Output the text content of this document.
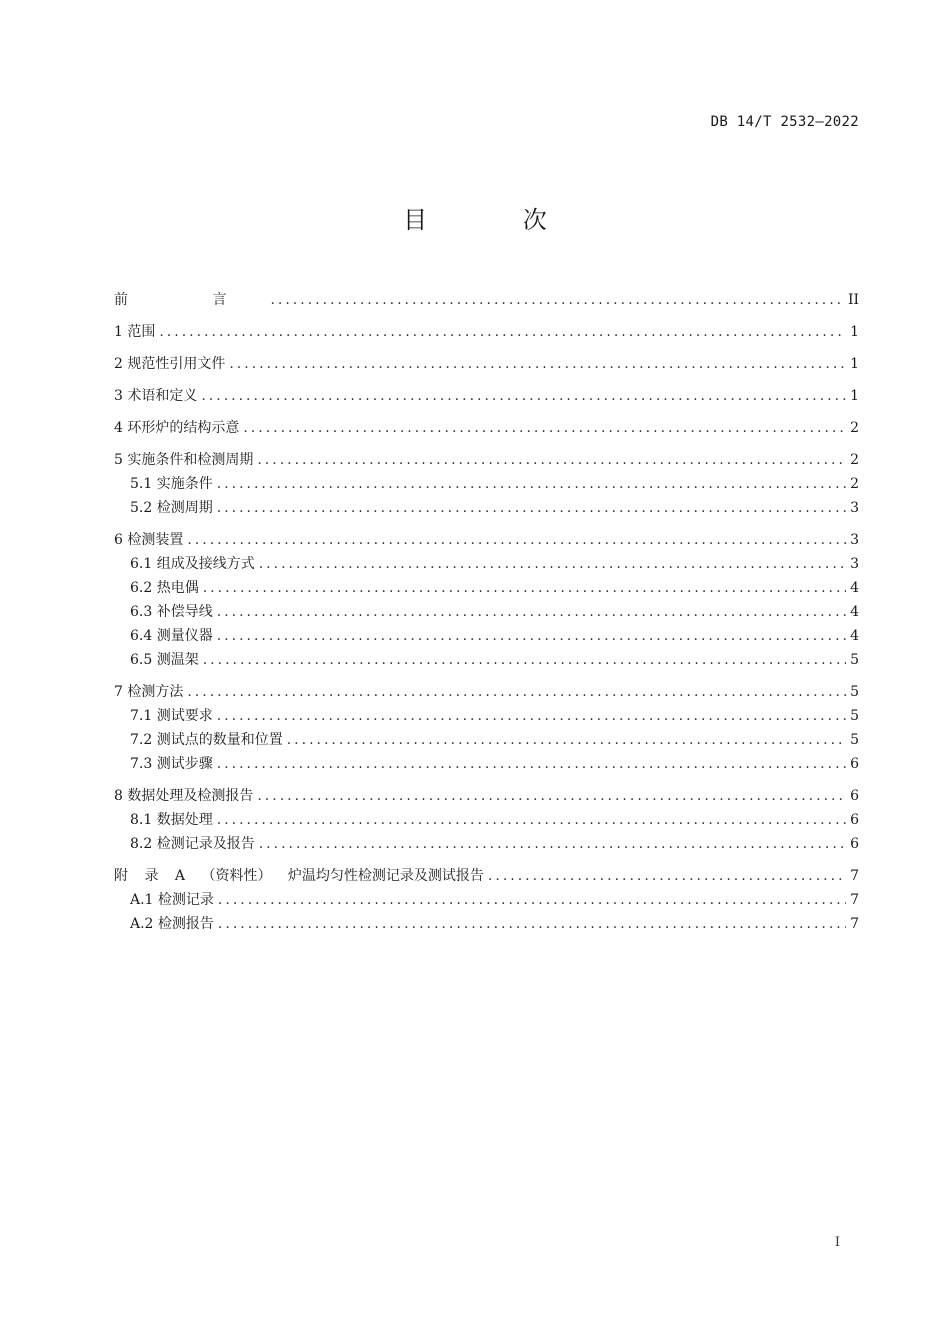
DB 14/T 2532—2022
目 次
前 言 .....	II
1 范围 .....	1
2 规范性引用文件 .....	1
3 术语和定义 .....	1
4 环形炉的结构示意 .....	2
5 实施条件和检测周期 .....	2
5.1 实施条件 .....	2
5.2 检测周期 .....	3
6 检测装置 .....	3
6.1 组成及接线方式 .....	3
6.2 热电偶 .....	4
6.3 补偿导线 .....	4
6.4 测量仪器 .....	4
6.5 测温架 .....	5
7 检测方法 .....	5
7.1 测试要求 .....	5
7.2 测试点的数量和位置 .....	5
7.3 测试步骤 .....	6
8 数据处理及检测报告 .....	6
8.1 数据处理 .....	6
8.2 检测记录及报告 .....	6
附 录 A （资料性） 炉温均匀性检测记录及测试报告 .....	7
A.1 检测记录 .....	7
A.2 检测报告 .....	7
I
